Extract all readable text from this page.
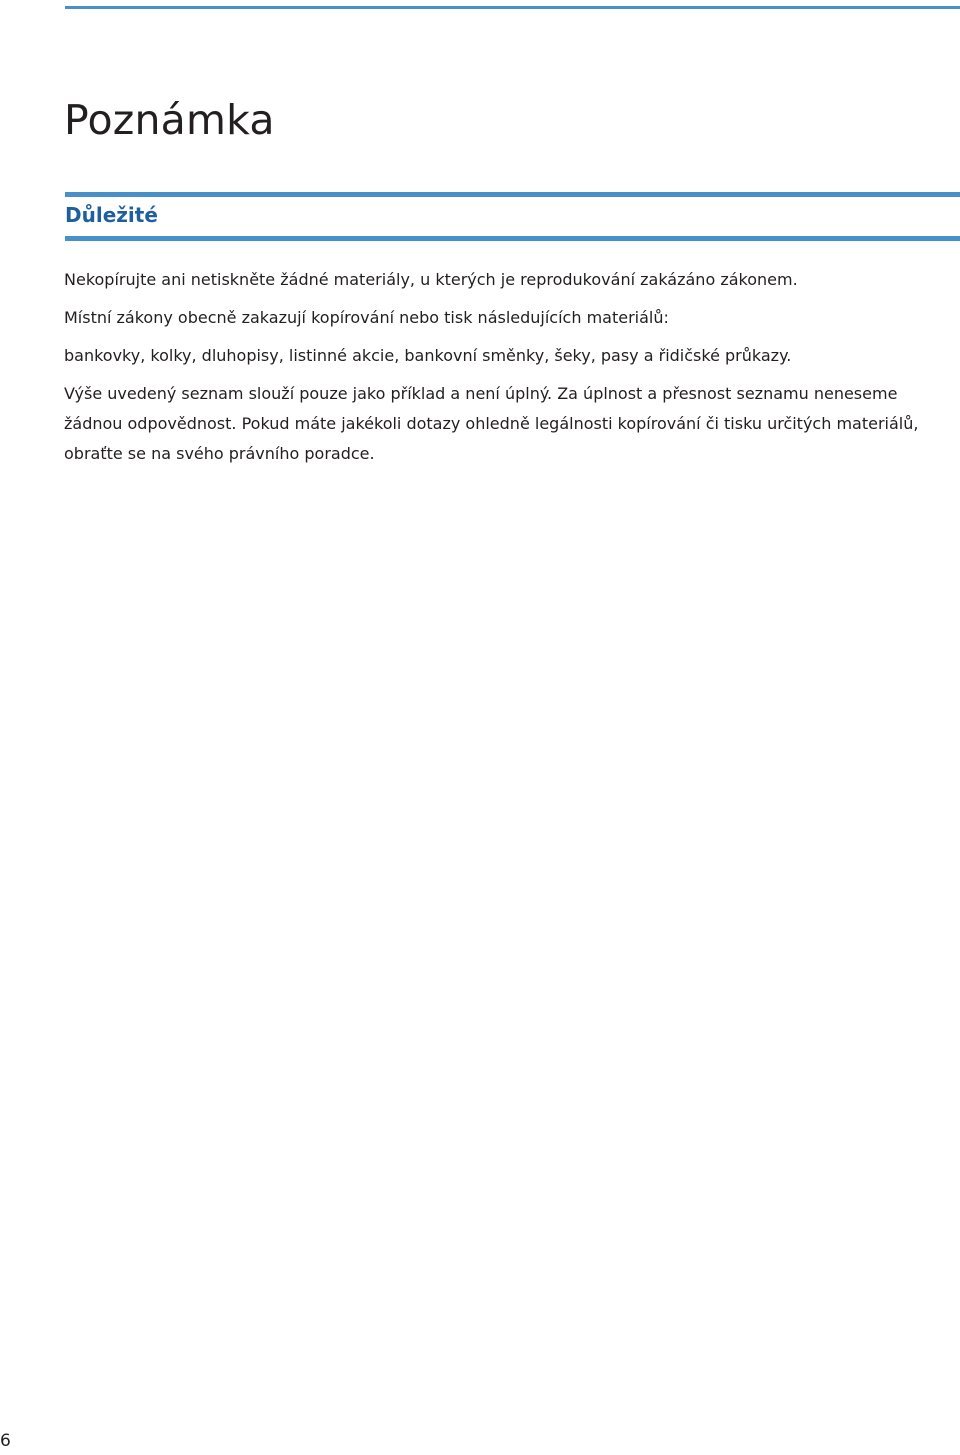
Poznámka
Důležité

Nekopírujte ani netiskněte žádné materiály, u kterých je reprodukování zakázáno zákonem.

Místní zákony obecně zakazují kopírování nebo tisk následujících materiálů:

bankovky, kolky, dluhopisy, listinné akcie, bankovní směnky, šeky, pasy a řidičské průkazy.

Výše uvedený seznam slouží pouze jako příklad a není úplný. Za úplnost a přesnost seznamu neneseme žádnou odpovědnost. Pokud máte jakékoli dotazy ohledně legálnosti kopírování či tisku určitých materiálů, obraťte se na svého právního poradce.

6
